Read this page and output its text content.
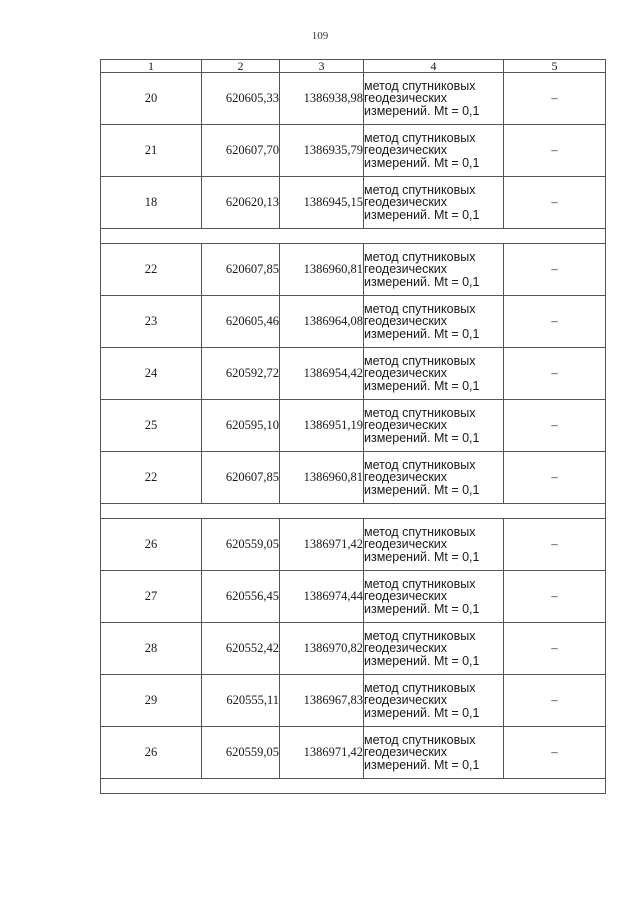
109
1	2	3	4	5
20	620605,33	1386938,98	метод спутниковых
геодезических
измерений. Mt = 0,1	–
21	620607,70	1386935,79	метод спутниковых
геодезических
измерений. Mt = 0,1	–
18	620620,13	1386945,15	метод спутниковых
геодезических
измерений. Mt = 0,1	–

22	620607,85	1386960,81	метод спутниковых
геодезических
измерений. Mt = 0,1	–
23	620605,46	1386964,08	метод спутниковых
геодезических
измерений. Mt = 0,1	–
24	620592,72	1386954,42	метод спутниковых
геодезических
измерений. Mt = 0,1	–
25	620595,10	1386951,19	метод спутниковых
геодезических
измерений. Mt = 0,1	–
22	620607,85	1386960,81	метод спутниковых
геодезических
измерений. Mt = 0,1	–

26	620559,05	1386971,42	метод спутниковых
геодезических
измерений. Mt = 0,1	–
27	620556,45	1386974,44	метод спутниковых
геодезических
измерений. Mt = 0,1	–
28	620552,42	1386970,82	метод спутниковых
геодезических
измерений. Mt = 0,1	–
29	620555,11	1386967,83	метод спутниковых
геодезических
измерений. Mt = 0,1	–
26	620559,05	1386971,42	метод спутниковых
геодезических
измерений. Mt = 0,1	–
